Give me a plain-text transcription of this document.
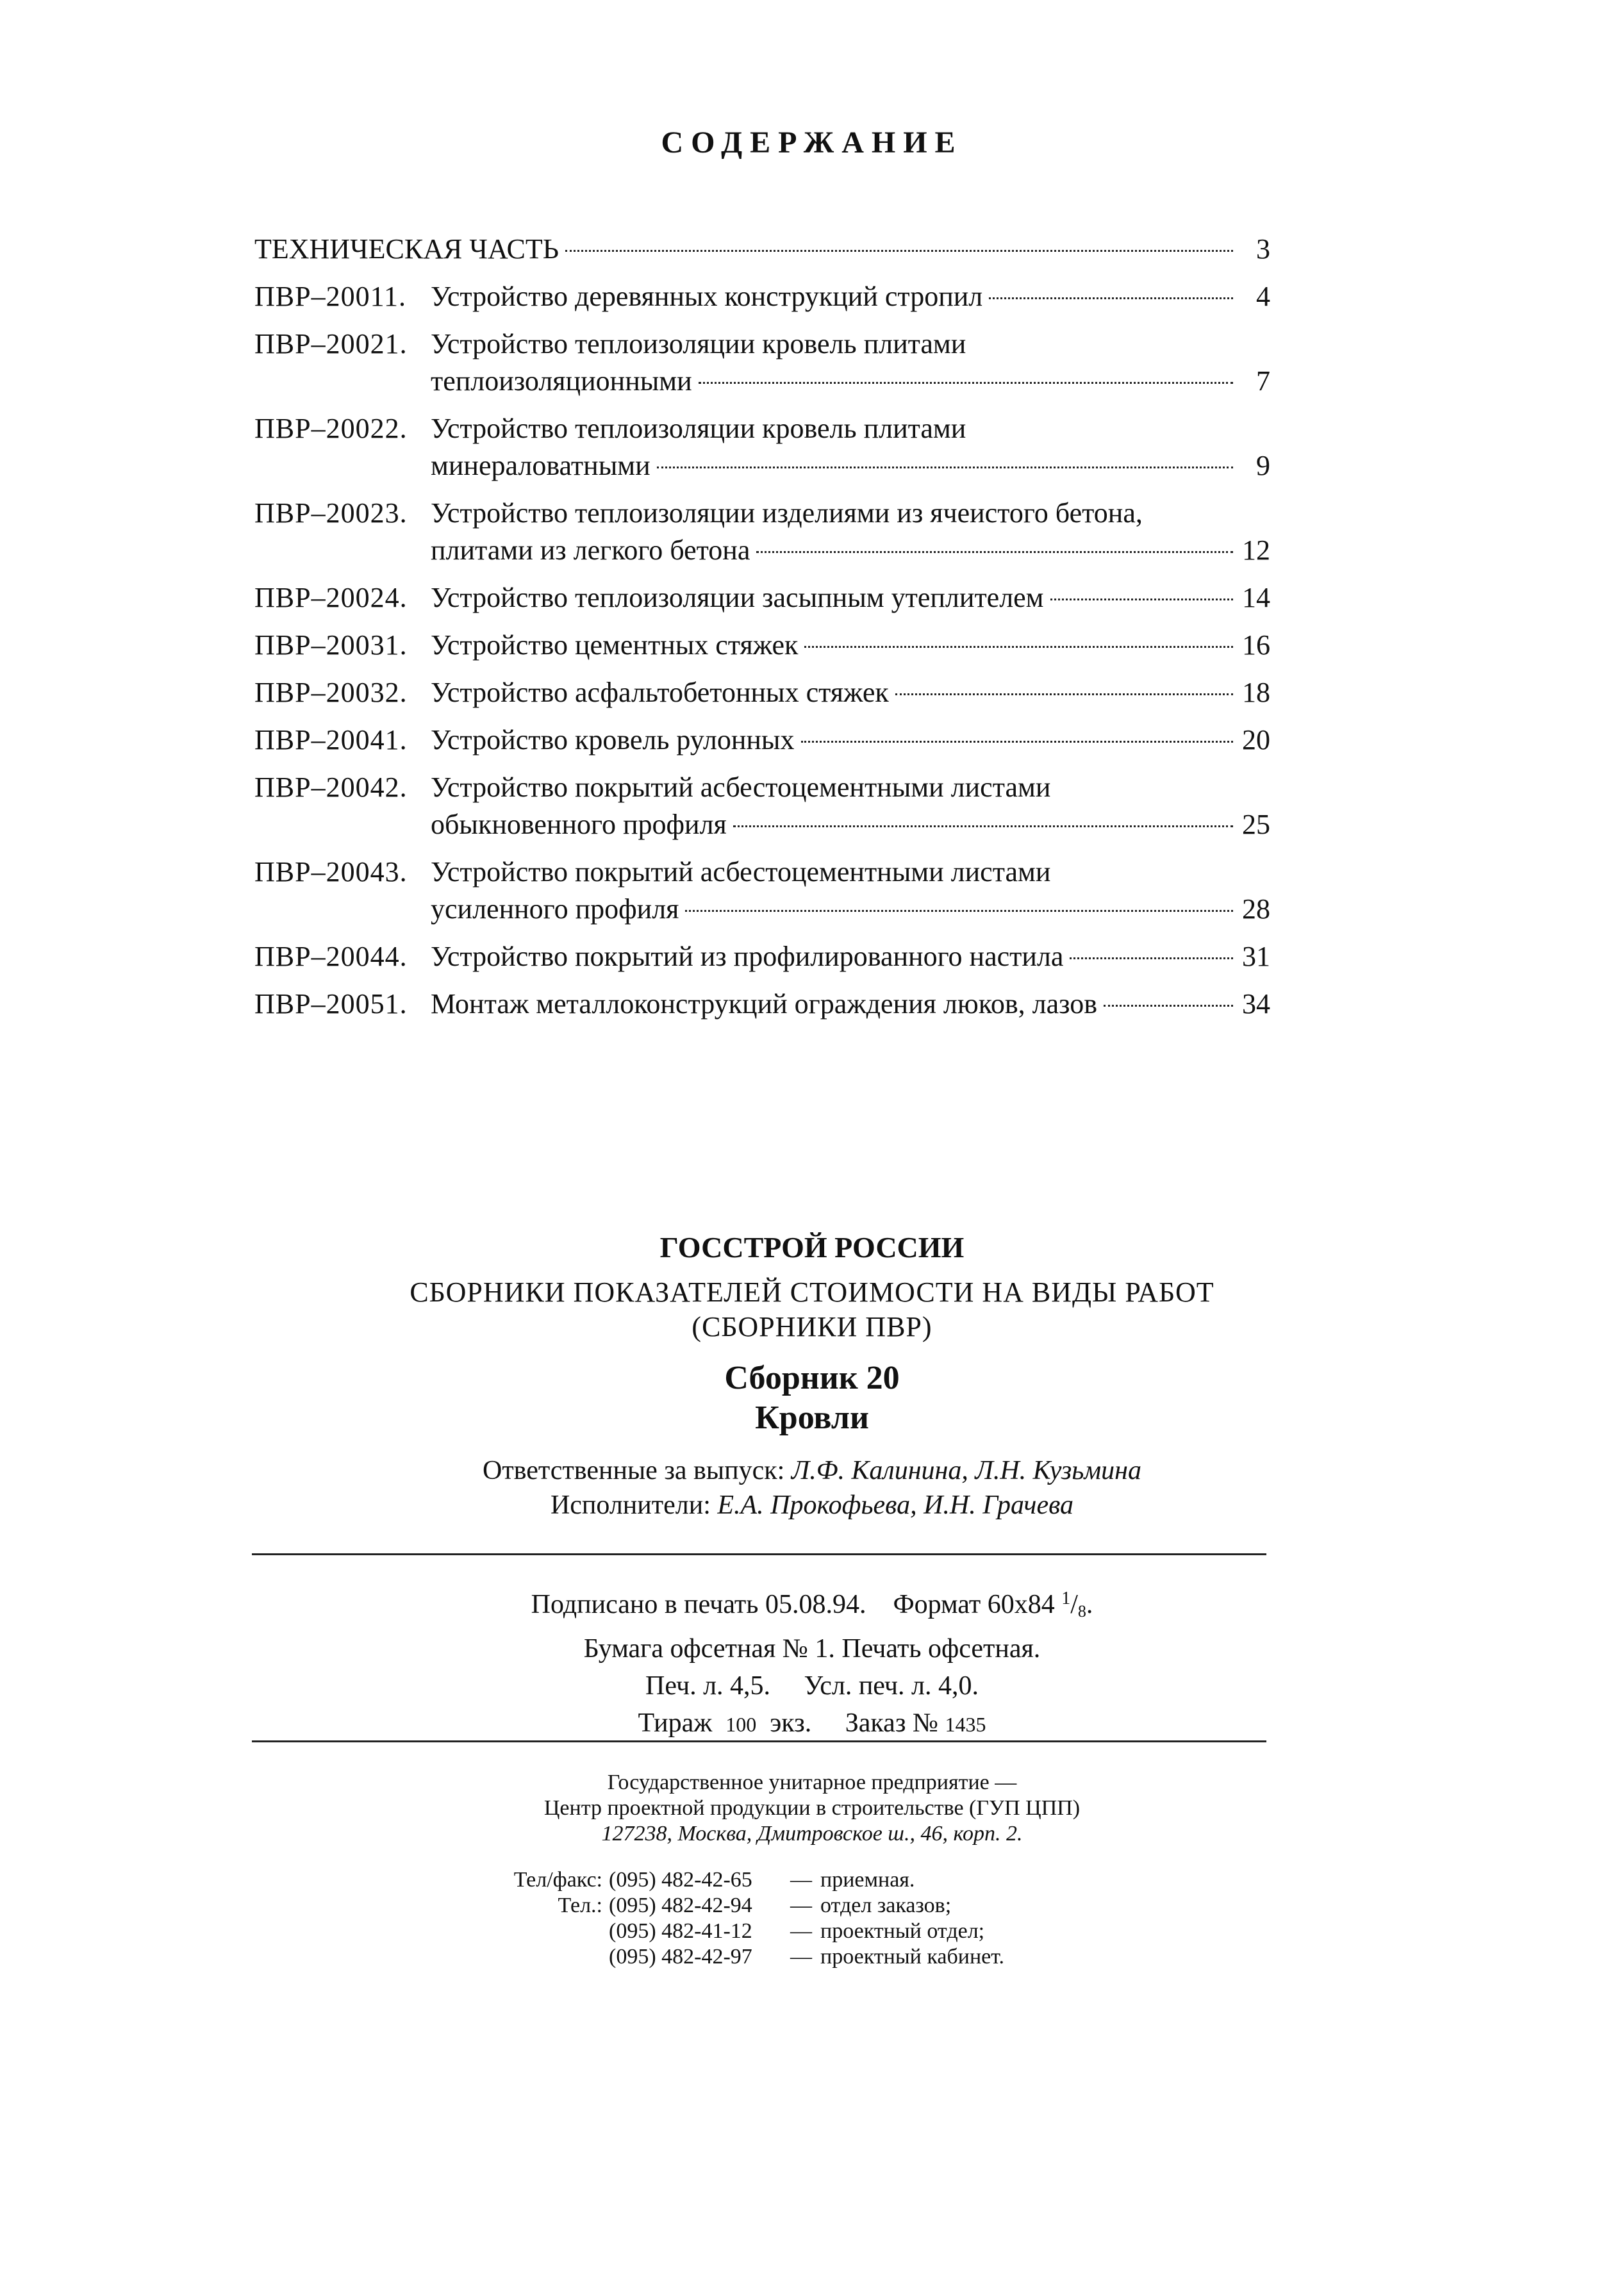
СОДЕРЖАНИЕ
ТЕХНИЧЕСКАЯ ЧАСТЬ	3
ПВР–20011. Устройство деревянных конструкций стропил	4
ПВР–20021. Устройство теплоизоляции кровель плитами
теплоизоляционными	7
ПВР–20022. Устройство теплоизоляции кровель плитами
минераловатными	9
ПВР–20023. Устройство теплоизоляции изделиями из ячеистого бетона,
плитами из легкого бетона	12
ПВР–20024. Устройство теплоизоляции засыпным утеплителем	14
ПВР–20031. Устройство цементных стяжек	16
ПВР–20032. Устройство асфальтобетонных стяжек	18
ПВР–20041. Устройство кровель рулонных	20
ПВР–20042. Устройство покрытий асбестоцементными листами
обыкновенного профиля	25
ПВР–20043. Устройство покрытий асбестоцементными листами
усиленного профиля	28
ПВР–20044. Устройство покрытий из профилированного настила	31
ПВР–20051. Монтаж металлоконструкций ограждения люков, лазов	34
ГОССТРОЙ РОССИИ
СБОРНИКИ ПОКАЗАТЕЛЕЙ СТОИМОСТИ НА ВИДЫ РАБОТ
(СБОРНИКИ ПВР)
Сборник 20
Кровли
Ответственные за выпуск: Л.Ф. Калинина, Л.Н. Кузьмина
Исполнители: Е.А. Прокофьева, И.Н. Грачева
Подписано в печать 05.08.94. Формат 60x84 $^1/_8$.
Бумага офсетная № 1. Печать офсетная.
Печ. л. 4,5. Усл. печ. л. 4,0.
Тираж 100 экз. Заказ № 1435
Государственное унитарное предприятие —
Центр проектной продукции в строительстве (ГУП ЦПП)
127238, Москва, Дмитровское ш., 46, корп. 2.
Тел/факс: (095) 482-42-65	— приемная.
Тел.: (095) 482-42-94	— отдел заказов;
(095) 482-41-12	— проектный отдел;
(095) 482-42-97	— проектный кабинет.
